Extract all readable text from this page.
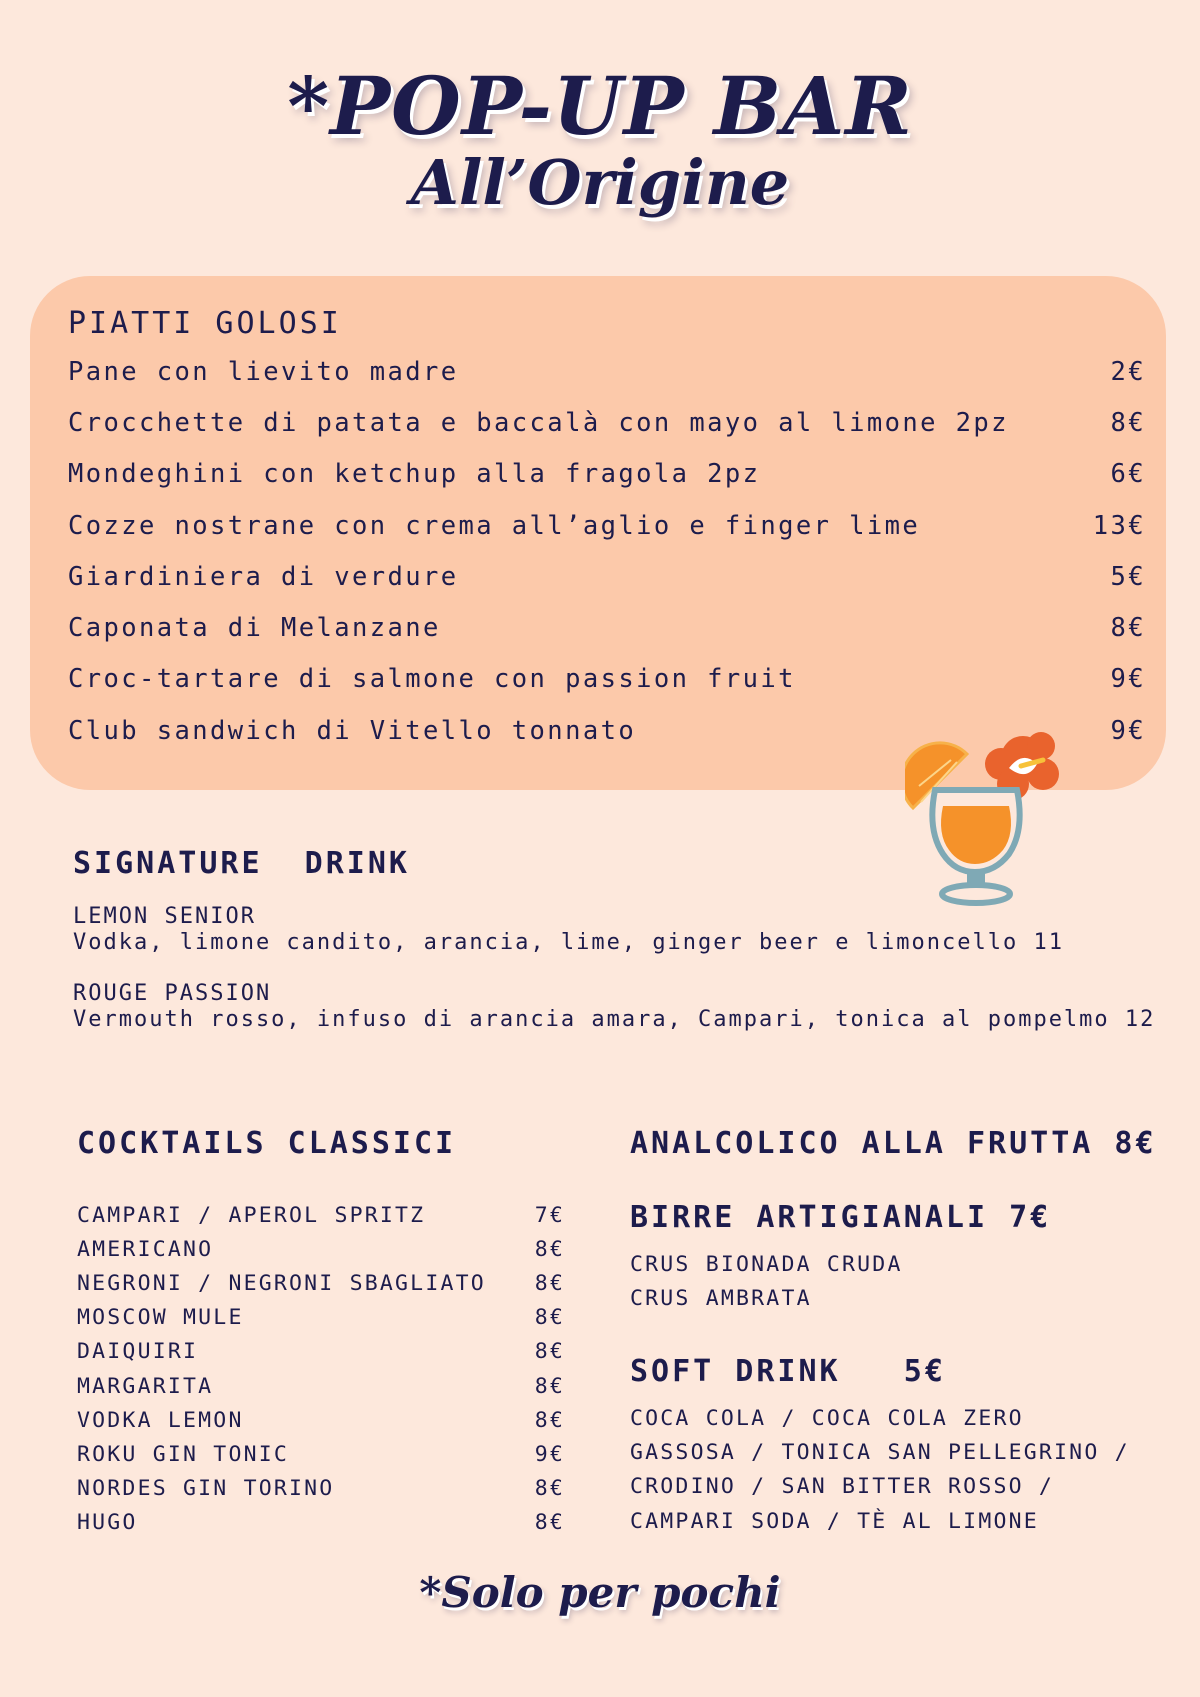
*POP-UP BAR
All’Origine
PIATTI GOLOSI
Pane con lievito madre	2€
Crocchette di patata e baccalà con mayo al limone 2pz	8€
Mondeghini con ketchup alla fragola 2pz	6€
Cozze nostrane con crema all’aglio e finger lime	13€
Giardiniera di verdure	5€
Caponata di Melanzane	8€
Croc-tartare di salmone con passion fruit	9€
Club sandwich di Vitello tonnato	9€
SIGNATURE  DRINK
LEMON SENIOR
Vodka, limone candito, arancia, lime, ginger beer e limoncello 11
ROUGE PASSION
Vermouth rosso, infuso di arancia amara, Campari, tonica al pompelmo 12
COCKTAILS CLASSICI
CAMPARI / APEROL SPRITZ	7€
AMERICANO	8€
NEGRONI / NEGRONI SBAGLIATO 8€
MOSCOW MULE	8€
DAIQUIRI	8€
MARGARITA	8€
VODKA LEMON	8€
ROKU GIN TONIC	9€
NORDES GIN TORINO	8€
HUGO	8€
ANALCOLICO ALLA FRUTTA 8€
BIRRE ARTIGIANALI 7€
CRUS BIONADA CRUDA
CRUS AMBRATA
SOFT DRINK   5€
COCA COLA / COCA COLA ZERO
GASSOSA / TONICA SAN PELLEGRINO /
CRODINO / SAN BITTER ROSSO /
CAMPARI SODA / TÈ AL LIMONE
*Solo per pochi
